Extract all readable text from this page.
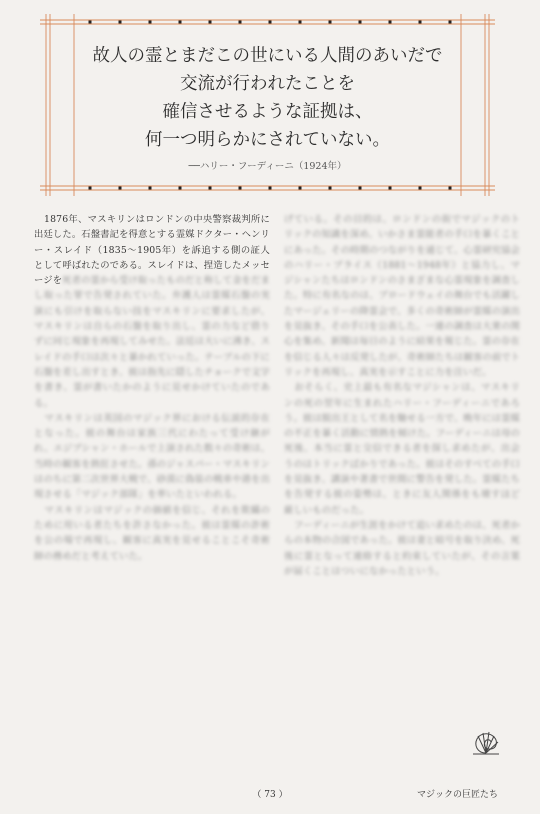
故人の霊とまだこの世にいる人間のあいだで
交流が行われたことを
確信させるような証拠は、
何一つ明らかにされていない。
──ハリー・フーディーニ（1924年）

1876年、マスキリンはロンドンの中央警察裁判所に出廷した。石盤書記を得意とする霊媒ドクター・ヘンリー・スレイド（1835〜1905年）を訴追する側の証人として呼ばれたのである。スレイドは、捏造したメッセージを死者の霊から受け取ったものだと称して金をだまし取った罪で告発されていた。弁護人は霊媒石盤の実演にも引けを取らない技をマスキリンに要求したが、マスキリンは自らの石盤を取り出し、霊の力など借りずに同じ現象を再現してみせた。法廷は大いに沸き、スレイドの手口は次々と暴かれていった。テーブルの下に石盤を差し出すとき、彼は指先に隠したチョークで文字を書き、霊が書いたかのように見せかけていたのである。

マスキリンは英国のマジック界における伝説的存在となった。彼の舞台は家族三代にわたって受け継がれ、エジプシャン・ホールで上演された数々の奇術は、当時の観客を熱狂させた。孫のジャスパー・マスキリンはのちに第二次世界大戦で、砂漠に偽装の戦車や港を出現させる「マジック部隊」を率いたといわれる。

マスキリンはマジックの価値を信じ、それを欺瞞のために用いる者たちを許さなかった。彼は霊媒の詐術を公の場で再現し、観客に真実を見せることこそ奇術師の務めだと考えていた。

げている。その目的は、ロンドンの街でマジックのトリックの知識を深め、いかさま霊能者の手口を暴くことにあった。その時期のつながりを通じて、心霊研究協会のハリー・プライス（1881〜1948年）と協力し、マジシャンたちはロンドンのさまざまな心霊現象を調査した。特に有名なのは、ブロードウェイの舞台でも活躍したマージェリーの降霊会で、多くの奇術師が霊媒の演出を見抜き、その手口を公表した。一連の調査は大衆の関心を集め、新聞は毎日のように結果を報じた。霊の存在を信じる人々は反発したが、奇術師たちは観客の前でトリックを再現し、真実を示すことに力を注いだ。

おそらく、史上最も有名なマジシャンは、マスキリンの死の翌年に生まれたハリー・フーディーニであろう。彼は脱出王として名を馳せる一方で、晩年には霊媒の不正を暴く活動に情熱を傾けた。フーディーニは母の死後、本当に霊と交信できる者を探し求めたが、出会うのはトリックばかりであった。彼はそのすべての手口を見抜き、講演や著書で世間に警告を発した。霊媒たちを告発する彼の姿勢は、ときに友人関係をも壊すほど厳しいものだった。

フーディーニが生涯をかけて追い求めたのは、死者からの本物の合図であった。彼は妻と暗号を取り決め、死後に霊となって連絡すると約束していたが、その言葉が届くことはついになかったという。

（ 73 ）	マジックの巨匠たち
